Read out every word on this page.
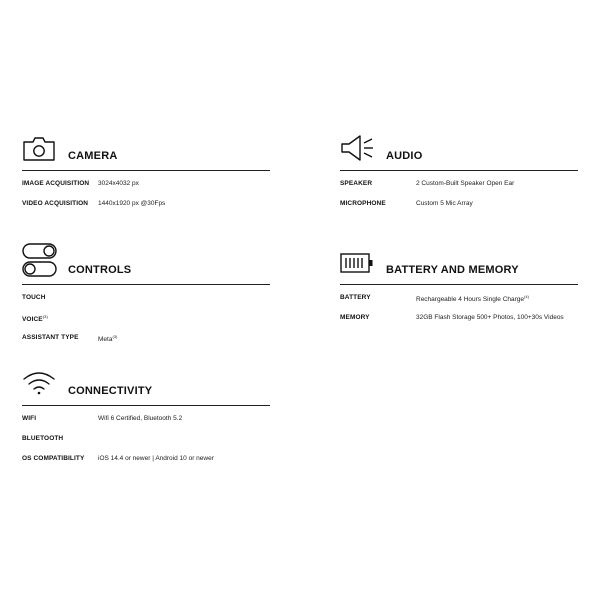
CAMERA
IMAGE ACQUISITION 3024x4032 px
VIDEO ACQUISITION 1440x1920 px @30Fps
AUDIO
SPEAKER	2 Custom-Built Speaker Open Ear
MICROPHONE	Custom 5 Mic Array
CONTROLS
TOUCH
VOICE$^{(3)}$
ASSISTANT TYPE	Meta$^{(3)}$
BATTERY AND MEMORY
BATTERY	Rechargeable 4 Hours Single Charge$^{(4)}$
MEMORY	32GB Flash Storage 500+ Photos, 100+30s Videos
CONNECTIVITY
WIFI	Wifi 6 Certified, Bluetooth 5.2
BLUETOOTH
OS COMPATIBILITY iOS 14.4 or newer | Android 10 or newer
